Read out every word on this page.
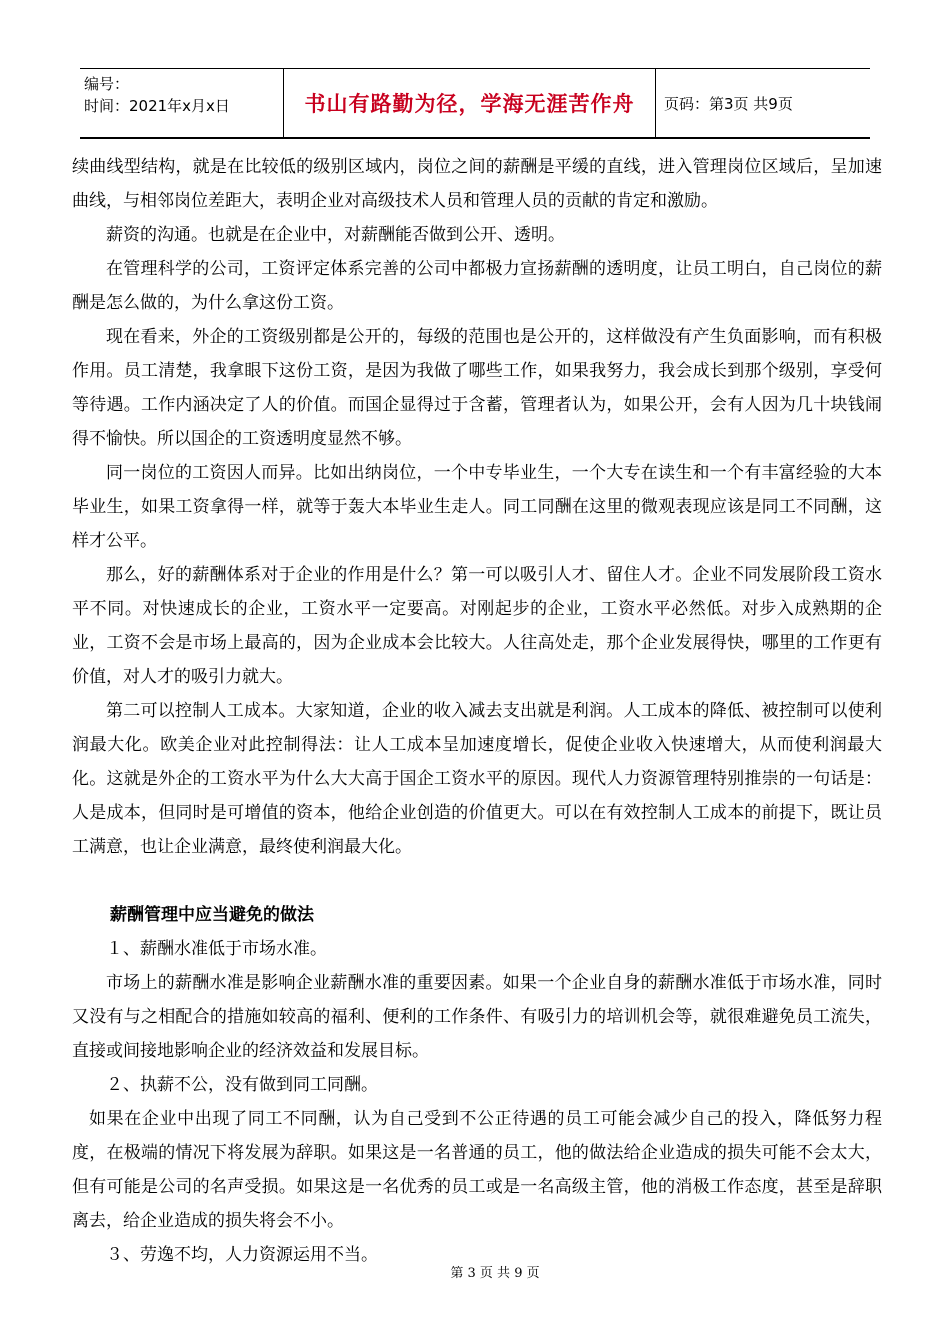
编号：
时间：2021年x月x日	书山有路勤为径，学海无涯苦作舟	页码：第3页 共9页

续曲线型结构，就是在比较低的级别区域内，岗位之间的薪酬是平缓的直线，进入管理岗位区域后，呈加速曲线，与相邻岗位差距大，表明企业对高级技术人员和管理人员的贡献的肯定和激励。

薪资的沟通。也就是在企业中，对薪酬能否做到公开、透明。

在管理科学的公司，工资评定体系完善的公司中都极力宣扬薪酬的透明度，让员工明白，自己岗位的薪酬是怎么做的，为什么拿这份工资。

现在看来，外企的工资级别都是公开的，每级的范围也是公开的，这样做没有产生负面影响，而有积极作用。员工清楚，我拿眼下这份工资，是因为我做了哪些工作，如果我努力，我会成长到那个级别，享受何等待遇。工作内涵决定了人的价值。而国企显得过于含蓄，管理者认为，如果公开，会有人因为几十块钱闹得不愉快。所以国企的工资透明度显然不够。

同一岗位的工资因人而异。比如出纳岗位，一个中专毕业生，一个大专在读生和一个有丰富经验的大本毕业生，如果工资拿得一样，就等于轰大本毕业生走人。同工同酬在这里的微观表现应该是同工不同酬，这样才公平。

那么，好的薪酬体系对于企业的作用是什么？第一可以吸引人才、留住人才。企业不同发展阶段工资水平不同。对快速成长的企业，工资水平一定要高。对刚起步的企业，工资水平必然低。对步入成熟期的企业，工资不会是市场上最高的，因为企业成本会比较大。人往高处走，那个企业发展得快，哪里的工作更有价值，对人才的吸引力就大。

第二可以控制人工成本。大家知道，企业的收入减去支出就是利润。人工成本的降低、被控制可以使利润最大化。欧美企业对此控制得法：让人工成本呈加速度增长，促使企业收入快速增大，从而使利润最大化。这就是外企的工资水平为什么大大高于国企工资水平的原因。现代人力资源管理特别推崇的一句话是：人是成本，但同时是可增值的资本，他给企业创造的价值更大。可以在有效控制人工成本的前提下，既让员工满意，也让企业满意，最终使利润最大化。

薪酬管理中应当避免的做法

１、薪酬水准低于市场水准。

市场上的薪酬水准是影响企业薪酬水准的重要因素。如果一个企业自身的薪酬水准低于市场水准，同时又没有与之相配合的措施如较高的福利、便利的工作条件、有吸引力的培训机会等，就很难避免员工流失，直接或间接地影响企业的经济效益和发展目标。

２、执薪不公，没有做到同工同酬。

如果在企业中出现了同工不同酬，认为自己受到不公正待遇的员工可能会减少自己的投入，降低努力程度，在极端的情况下将发展为辞职。如果这是一名普通的员工，他的做法给企业造成的损失可能不会太大，但有可能是公司的名声受损。如果这是一名优秀的员工或是一名高级主管，他的消极工作态度，甚至是辞职离去，给企业造成的损失将会不小。

３、劳逸不均，人力资源运用不当。

第 3 页 共 9 页
